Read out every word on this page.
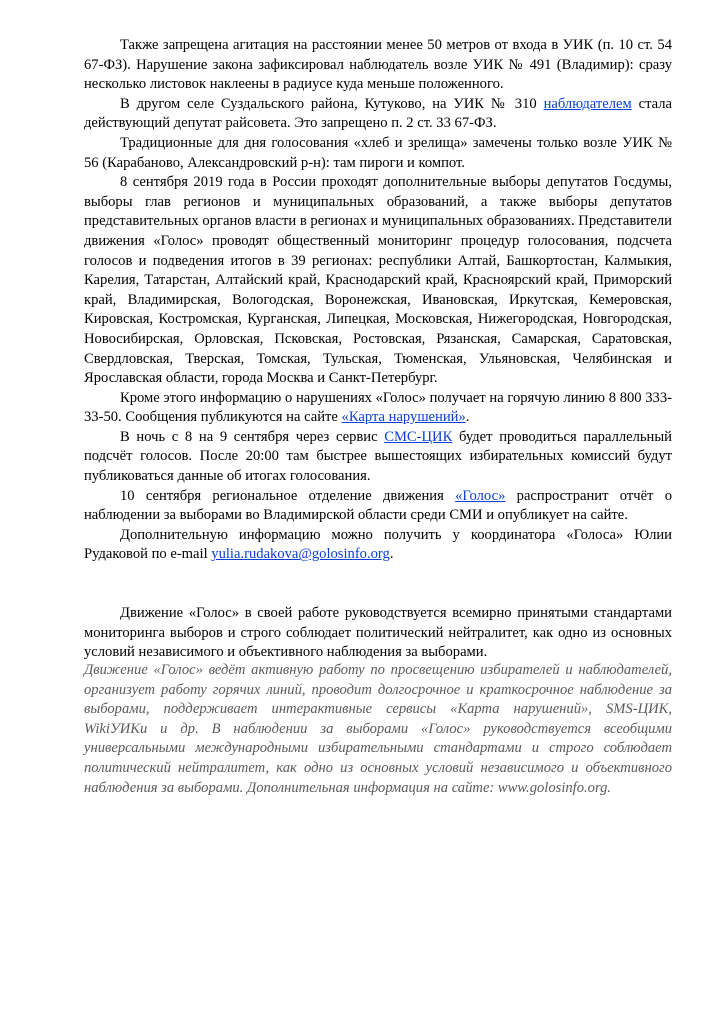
Также запрещена агитация на расстоянии менее 50 метров от входа в УИК (п. 10 ст. 54 67-ФЗ). Нарушение закона зафиксировал наблюдатель возле УИК № 491 (Владимир): сразу несколько листовок наклеены в радиусе куда меньше положенного.

В другом селе Суздальского района, Кутуково, на УИК № 310 наблюдателем стала действующий депутат райсовета. Это запрещено п. 2 ст. 33 67-ФЗ.

Традиционные для дня голосования «хлеб и зрелища» замечены только возле УИК № 56 (Карабаново, Александровский р-н): там пироги и компот.

8 сентября 2019 года в России проходят дополнительные выборы депутатов Госдумы, выборы глав регионов и муниципальных образований, а также выборы депутатов представительных органов власти в регионах и муниципальных образованиях. Представители движения «Голос» проводят общественный мониторинг процедур голосования, подсчета голосов и подведения итогов в 39 регионах: республики Алтай, Башкортостан, Калмыкия, Карелия, Татарстан, Алтайский край, Краснодарский край, Красноярский край, Приморский край, Владимирская, Вологодская, Воронежская, Ивановская, Иркутская, Кемеровская, Кировская, Костромская, Курганская, Липецкая, Московская, Нижегородская, Новгородская, Новосибирская, Орловская, Псковская, Ростовская, Рязанская, Самарская, Саратовская, Свердловская, Тверская, Томская, Тульская, Тюменская, Ульяновская, Челябинская и Ярославская области, города Москва и Санкт-Петербург.

Кроме этого информацию о нарушениях «Голос» получает на горячую линию 8 800 333-33-50. Сообщения публикуются на сайте «Карта нарушений».

В ночь с 8 на 9 сентября через сервис СМС-ЦИК будет проводиться параллельный подсчёт голосов. После 20:00 там быстрее вышестоящих избирательных комиссий будут публиковаться данные об итогах голосования.

10 сентября региональное отделение движения «Голос» распространит отчёт о наблюдении за выборами во Владимирской области среди СМИ и опубликует на сайте.

Дополнительную информацию можно получить у координатора «Голоса» Юлии Рудаковой по e-mail yulia.rudakova@golosinfo.org.

Движение «Голос» в своей работе руководствуется всемирно принятыми стандартами мониторинга выборов и строго соблюдает политический нейтралитет, как одно из основных условий независимого и объективного наблюдения за выборами.

Движение «Голос» ведёт активную работу по просвещению избирателей и наблюдателей, организует работу горячих линий, проводит долгосрочное и краткосрочное наблюдение за выборами, поддерживает интерактивные сервисы «Карта нарушений», SMS-ЦИК, WikiУИКи и др. В наблюдении за выборами «Голос» руководствуется всеобщими универсальными международными избирательными стандартами и строго соблюдает политический нейтралитет, как одно из основных условий независимого и объективного наблюдения за выборами. Дополнительная информация на сайте: www.golosinfo.org.
